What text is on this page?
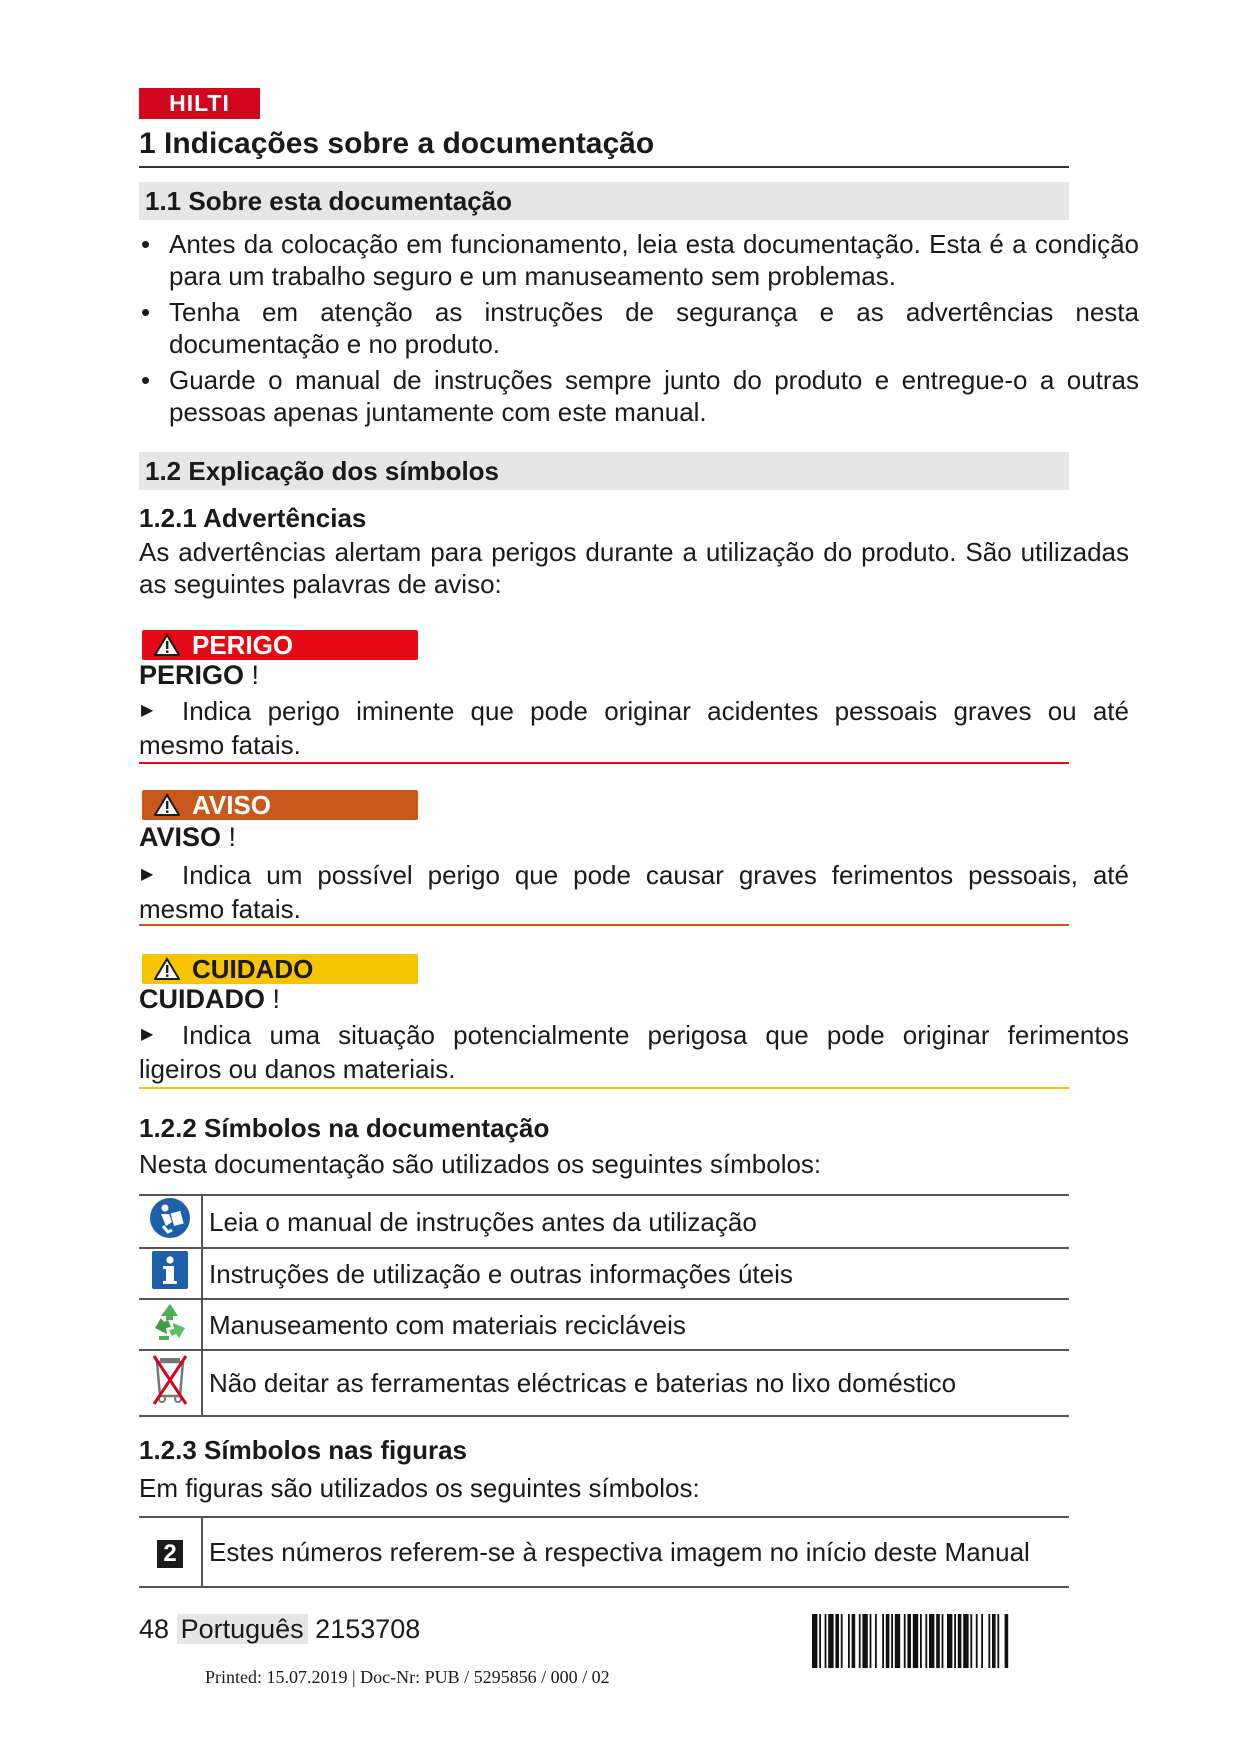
HILTI
1 Indicações sobre a documentação
1.1 Sobre esta documentação
• Antes da colocação em funcionamento, leia esta documentação. Esta é a condição para um trabalho seguro e um manuseamento sem problemas.
• Tenha em atenção as instruções de segurança e as advertências nesta documentação e no produto.
• Guarde o manual de instruções sempre junto do produto e entregue-o a outras pessoas apenas juntamente com este manual.
1.2 Explicação dos símbolos
1.2.1 Advertências

As advertências alertam para perigos durante a utilização do produto. São utilizadas as seguintes palavras de aviso:

PERIGO
PERIGO !
▶	Indica perigo iminente que pode originar acidentes pessoais graves ou até mesmo fatais.
AVISO
AVISO !
▶	Indica um possível perigo que pode causar graves ferimentos pessoais, até mesmo fatais.
CUIDADO
CUIDADO !
▶	Indica uma situação potencialmente perigosa que pode originar ferimentos ligeiros ou danos materiais.
1.2.2 Símbolos na documentação

Nesta documentação são utilizados os seguintes símbolos:

	Leia o manual de instruções antes da utilização
	Instruções de utilização e outras informações úteis
	Manuseamento com materiais recicláveis
	Não deitar as ferramentas eléctricas e baterias no lixo doméstico
1.2.3 Símbolos nas figuras

Em figuras são utilizados os seguintes símbolos:

2	Estes números referem-se à respectiva imagem no início deste Manual
48 Português 2153708
Printed: 15.07.2019 | Doc-Nr: PUB / 5295856 / 000 / 02
